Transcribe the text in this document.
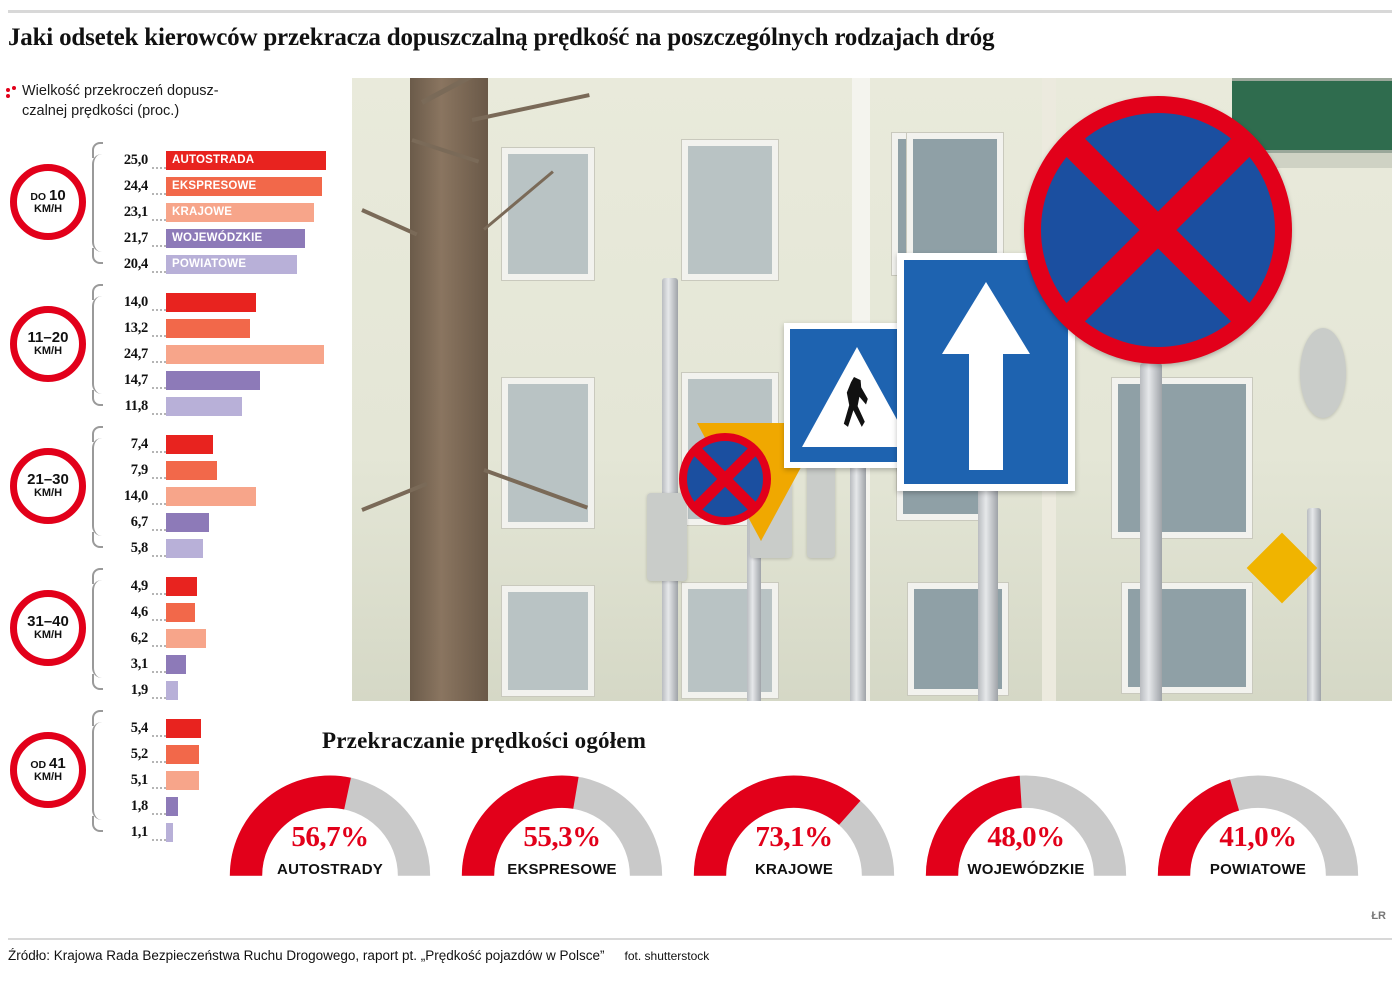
Jaki odsetek kierowców przekracza dopuszczalną prędkość na poszczególnych rodzajach dróg
Wielkość przekroczeń dopusz-
czalnej prędkości (proc.)
DO 10
KM/H
25,0	AUTOSTRADA
24,4	EKSPRESOWE
23,1	KRAJOWE
21,7	WOJEWÓDZKIE
20,4	POWIATOWE
11–20
KM/H
14,0
13,2
24,7
14,7
11,8
21–30
KM/H
7,4
7,9
14,0
6,7
5,8
31–40
KM/H
4,9
4,6
6,2
3,1
1,9
OD 41
KM/H
5,4
5,2
5,1
1,8
1,1
Przekraczanie prędkości ogółem
56,7%
AUTOSTRADY
55,3%
EKSPRESOWE
73,1%
KRAJOWE
48,0%
WOJEWÓDZKIE
41,0%
POWIATOWE
ŁR
Źródło: Krajowa Rada Bezpieczeństwa Ruchu Drogowego, raport pt. „Prędkość pojazdów w Polsce” fot. shutterstock
